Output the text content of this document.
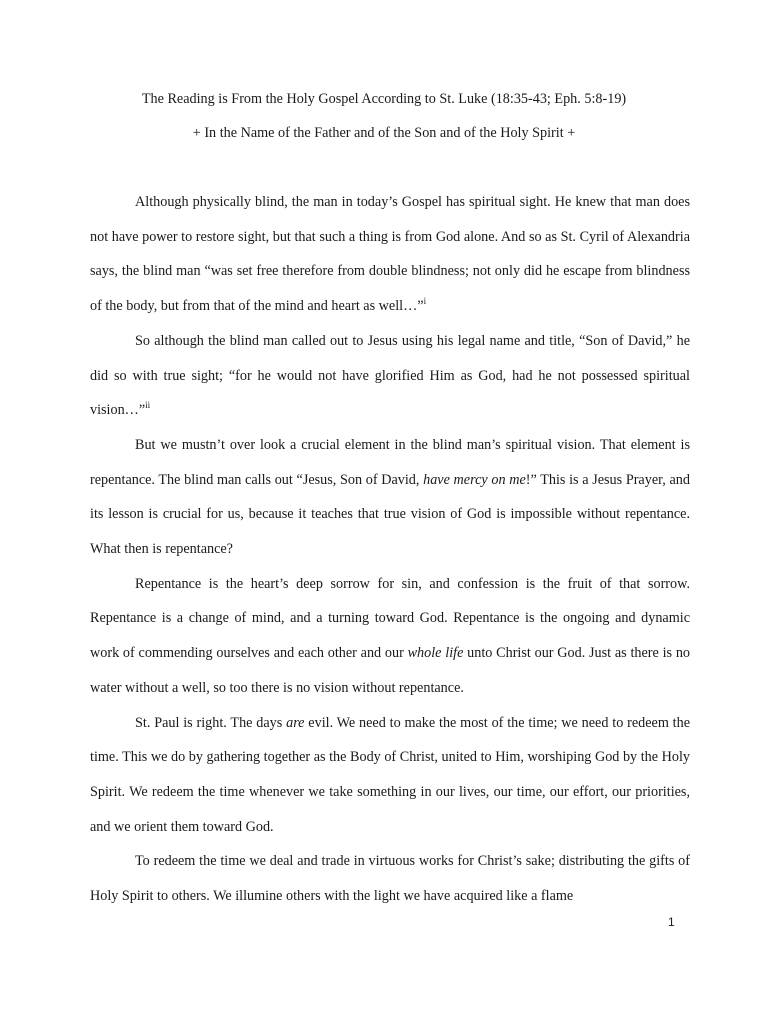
The Reading is From the Holy Gospel According to St. Luke (18:35-43; Eph. 5:8-19)
+ In the Name of the Father and of the Son and of the Holy Spirit +

Although physically blind, the man in today’s Gospel has spiritual sight. He knew that man does not have power to restore sight, but that such a thing is from God alone. And so as St. Cyril of Alexandria says, the blind man “was set free therefore from double blindness; not only did he escape from blindness of the body, but from that of the mind and heart as well…”$^i$

So although the blind man called out to Jesus using his legal name and title, “Son of David,” he did so with true sight; “for he would not have glorified Him as God, had he not possessed spiritual vision…”$^{ii}$

But we mustn’t over look a crucial element in the blind man’s spiritual vision. That element is repentance. The blind man calls out “Jesus, Son of David, have mercy on me!” This is a Jesus Prayer, and its lesson is crucial for us, because it teaches that true vision of God is impossible without repentance. What then is repentance?

Repentance is the heart’s deep sorrow for sin, and confession is the fruit of that sorrow. Repentance is a change of mind, and a turning toward God. Repentance is the ongoing and dynamic work of commending ourselves and each other and our whole life unto Christ our God. Just as there is no water without a well, so too there is no vision without repentance.

St. Paul is right. The days are evil. We need to make the most of the time; we need to redeem the time. This we do by gathering together as the Body of Christ, united to Him, worshiping God by the Holy Spirit. We redeem the time whenever we take something in our lives, our time, our effort, our priorities, and we orient them toward God.

To redeem the time we deal and trade in virtuous works for Christ’s sake; distributing the gifts of Holy Spirit to others. We illumine others with the light we have acquired like a flame

1
